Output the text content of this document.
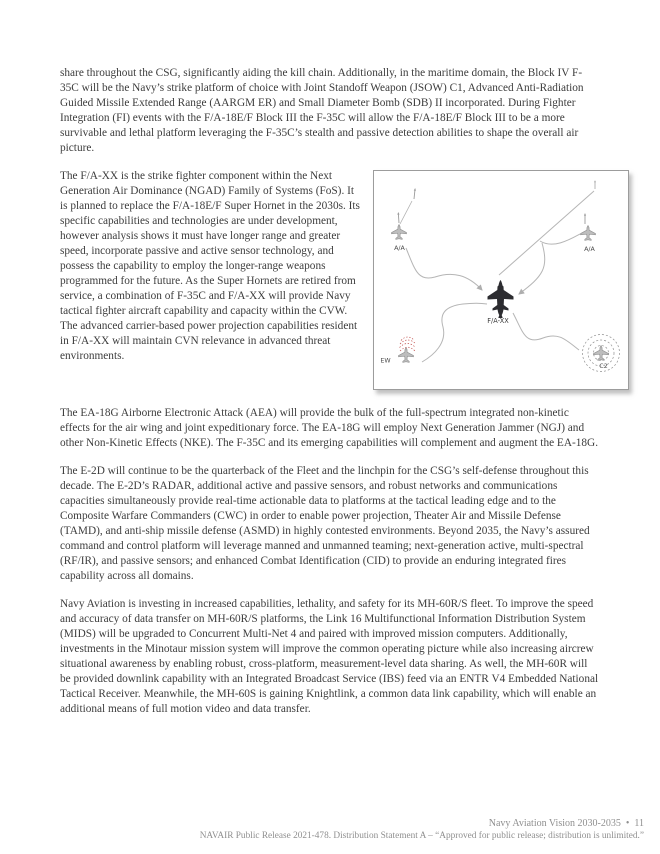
share throughout the CSG, significantly aiding the kill chain. Additionally, in the maritime domain, the Block IV F-35C will be the Navy’s strike platform of choice with Joint Standoff Weapon (JSOW) C1, Advanced Anti-Radiation Guided Missile Extended Range (AARGM ER) and Small Diameter Bomb (SDB) II incorporated. During Fighter Integration (FI) events with the F/A-18E/F Block III the F-35C will allow the F/A-18E/F Block III to be a more survivable and lethal platform leveraging the F-35C’s stealth and passive detection abilities to shape the overall air picture.

A/A	A/A
F/A-XX
EW
C2

The F/A-XX is the strike fighter component within the Next Generation Air Dominance (NGAD) Family of Systems (FoS). It is planned to replace the F/A-18E/F Super Hornet in the 2030s. Its specific capabilities and technologies are under development, however analysis shows it must have longer range and greater speed, incorporate passive and active sensor technology, and possess the capability to employ the longer-range weapons programmed for the future. As the Super Hornets are retired from service, a combination of F-35C and F/A-XX will provide Navy tactical fighter aircraft capability and capacity within the CVW. The advanced carrier-based power projection capabilities resident in F/A-XX will maintain CVN relevance in advanced threat environments.

The EA-18G Airborne Electronic Attack (AEA) will provide the bulk of the full-spectrum integrated non-kinetic effects for the air wing and joint expeditionary force. The EA-18G will employ Next Generation Jammer (NGJ) and other Non-Kinetic Effects (NKE). The F-35C and its emerging capabilities will complement and augment the EA-18G.

The E-2D will continue to be the quarterback of the Fleet and the linchpin for the CSG’s self-defense throughout this decade. The E-2D’s RADAR, additional active and passive sensors, and robust networks and communications capacities simultaneously provide real-time actionable data to platforms at the tactical leading edge and to the Composite Warfare Commanders (CWC) in order to enable power projection, Theater Air and Missile Defense (TAMD), and anti-ship missile defense (ASMD) in highly contested environments. Beyond 2035, the Navy’s assured command and control platform will leverage manned and unmanned teaming; next-generation active, multi-spectral (RF/IR), and passive sensors; and enhanced Combat Identification (CID) to provide an enduring integrated fires capability across all domains.

Navy Aviation is investing in increased capabilities, lethality, and safety for its MH-60R/S fleet. To improve the speed and accuracy of data transfer on MH-60R/S platforms, the Link 16 Multifunctional Information Distribution System (MIDS) will be upgraded to Concurrent Multi-Net 4 and paired with improved mission computers. Additionally, investments in the Minotaur mission system will improve the common operating picture while also increasing aircrew situational awareness by enabling robust, cross-platform, measurement-level data sharing. As well, the MH-60R will be provided downlink capability with an Integrated Broadcast Service (IBS) feed via an ENTR V4 Embedded National Tactical Receiver. Meanwhile, the MH-60S is gaining Knightlink, a common data link capability, which will enable an additional means of full motion video and data transfer.

Navy Aviation Vision 2030-2035 • 11
NAVAIR Public Release 2021-478. Distribution Statement A – “Approved for public release; distribution is unlimited.”
